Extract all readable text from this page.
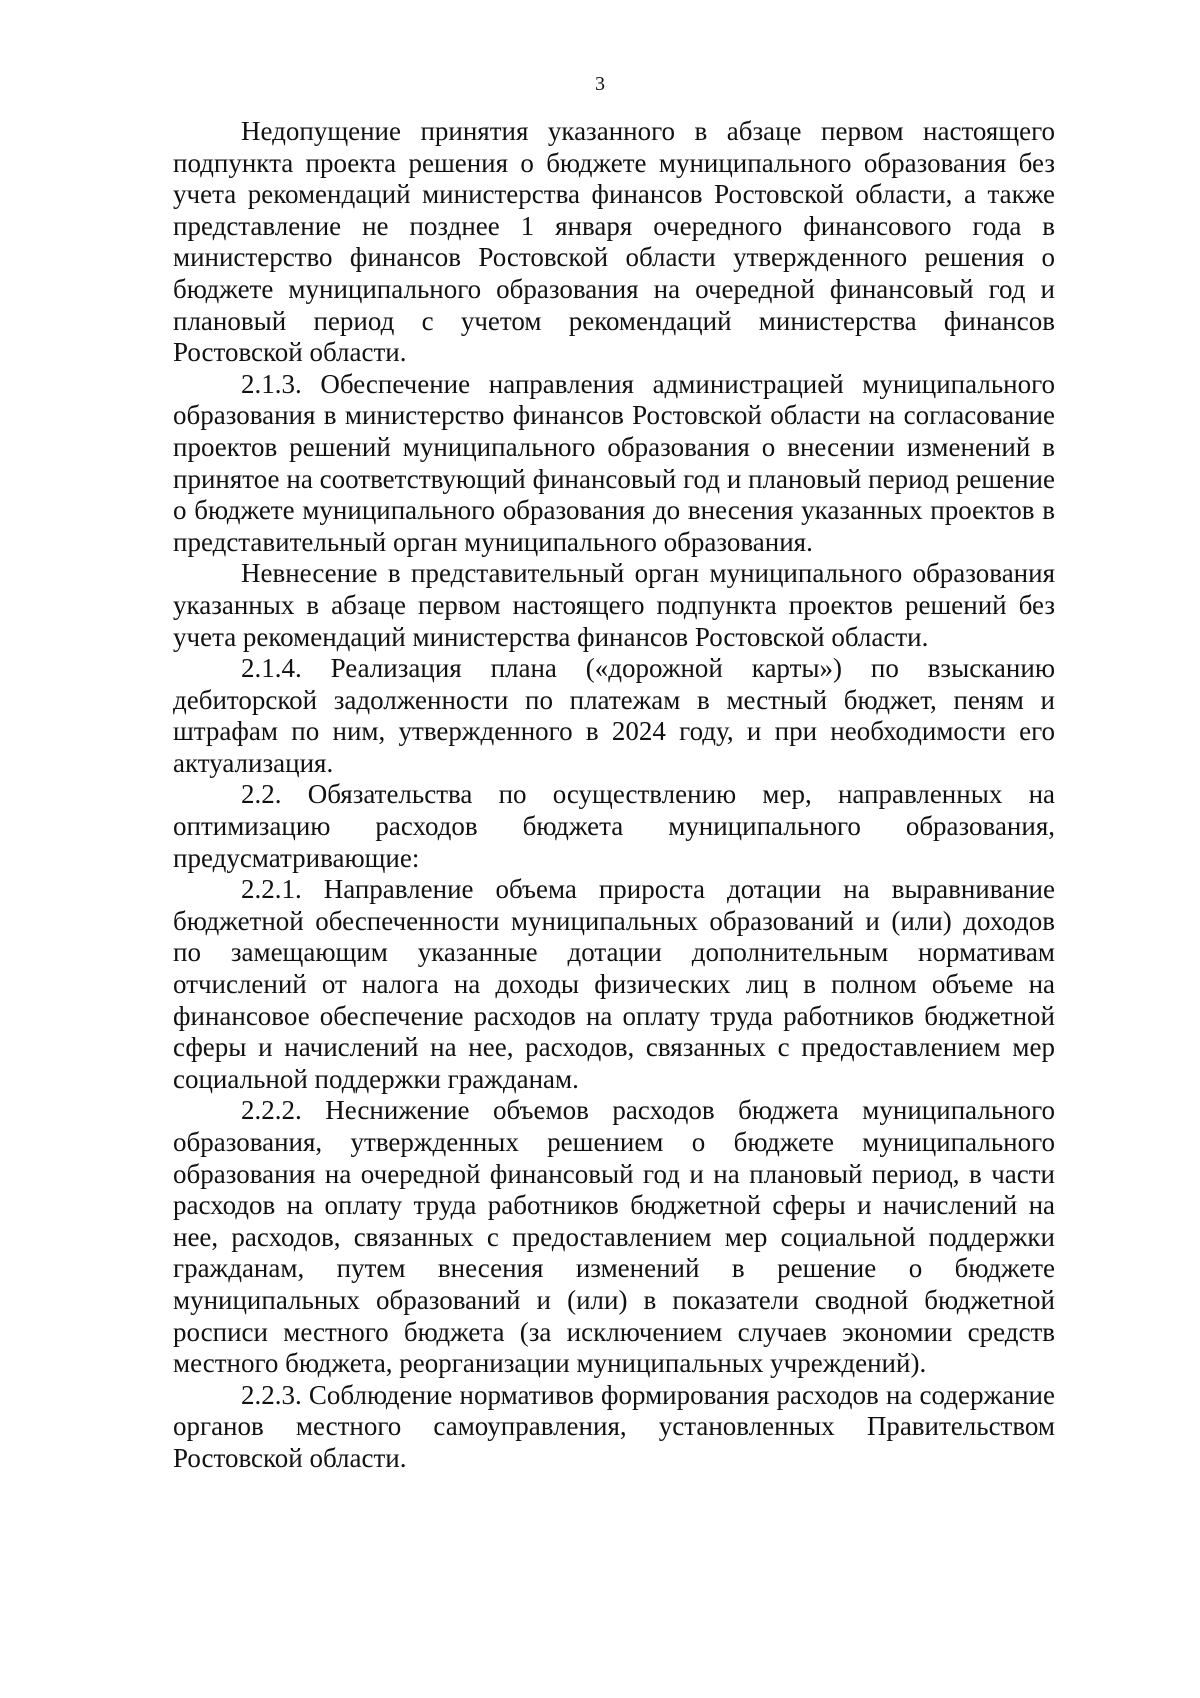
3

Недопущение принятия указанного в абзаце первом настоящего подпункта проекта решения о бюджете муниципального образования без учета рекомендаций министерства финансов Ростовской области, а также представление не позднее 1 января очередного финансового года в министерство финансов Ростовской области утвержденного решения о бюджете муниципального образования на очередной финансовый год и плановый период с учетом рекомендаций министерства финансов Ростовской области.

2.1.3. Обеспечение направления администрацией муниципального образования в министерство финансов Ростовской области на согласование проектов решений муниципального образования о внесении изменений в принятое на соответствующий финансовый год и плановый период решение о бюджете муниципального образования до внесения указанных проектов в представительный орган муниципального образования.

Невнесение в представительный орган муниципального образования указанных в абзаце первом настоящего подпункта проектов решений без учета рекомендаций министерства финансов Ростовской области.

2.1.4. Реализация плана («дорожной карты») по взысканию дебиторской задолженности по платежам в местный бюджет, пеням и штрафам по ним, утвержденного в 2024 году, и при необходимости его актуализация.

2.2. Обязательства по осуществлению мер, направленных на оптимизацию расходов бюджета муниципального образования, предусматривающие:

2.2.1. Направление объема прироста дотации на выравнивание бюджетной обеспеченности муниципальных образований и (или) доходов по замещающим указанные дотации дополнительным нормативам отчислений от налога на доходы физических лиц в полном объеме на финансовое обеспечение расходов на оплату труда работников бюджетной сферы и начислений на нее, расходов, связанных с предоставлением мер социальной поддержки гражданам.

2.2.2. Неснижение объемов расходов бюджета муниципального образования, утвержденных решением о бюджете муниципального образования на очередной финансовый год и на плановый период, в части расходов на оплату труда работников бюджетной сферы и начислений на нее, расходов, связанных с предоставлением мер социальной поддержки гражданам, путем внесения изменений в решение о бюджете муниципальных образований и (или) в показатели сводной бюджетной росписи местного бюджета (за исключением случаев экономии средств местного бюджета, реорганизации муниципальных учреждений).

2.2.3. Соблюдение нормативов формирования расходов на содержание органов местного самоуправления, установленных Правительством Ростовской области.
